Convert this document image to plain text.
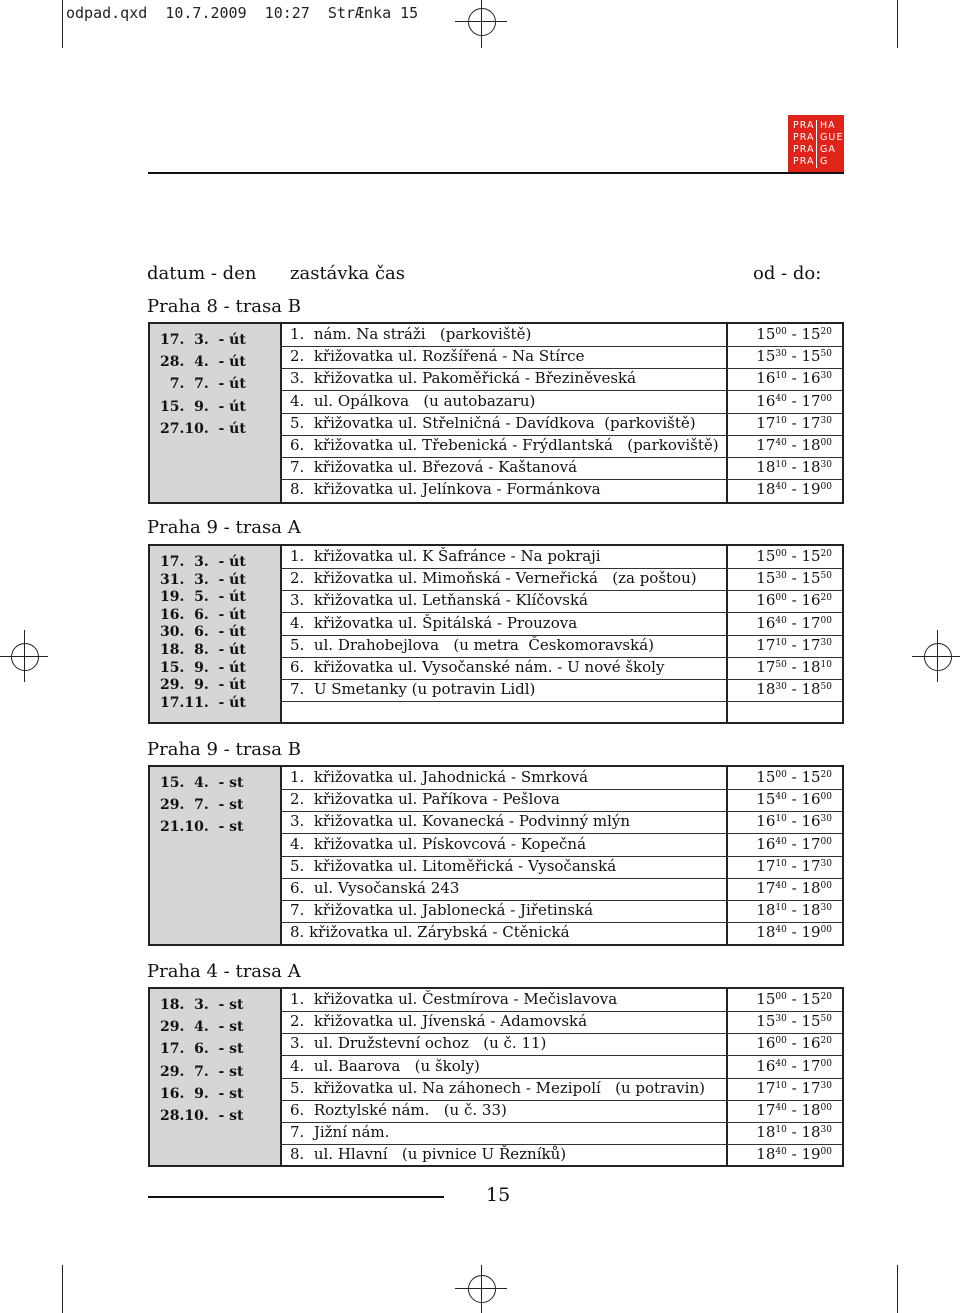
odpad.qxd  10.7.2009  10:27  StrÆnka 15
PRA
PRA
PRA
PRA
HA
GUE
GA
G
datum - den zastávka čas	od - do:
Praha 8 - trasa B
17.  3.  - út
28.  4.  - út
7.  7.  - út
15.  9.  - út
27.10.  - út
1.  nám. Na stráži   (parkoviště)	$15^{00} - 15^{20}$
2.  křižovatka ul. Rozšířená - Na Stírce	$15^{30} - 15^{50}$
3.  křižovatka ul. Pakoměřická - Březiněveská	$16^{10} - 16^{30}$
4.  ul. Opálkova   (u autobazaru)	$16^{40} - 17^{00}$
5.  křižovatka ul. Střelničná - Davídkova  (parkoviště)	$17^{10} - 17^{30}$
6.  křižovatka ul. Třebenická - Frýdlantská   (parkoviště)	$17^{40} - 18^{00}$
7.  křižovatka ul. Březová - Kaštanová	$18^{10} - 18^{30}$
8.  křižovatka ul. Jelínkova - Formánkova	$18^{40} - 19^{00}$
Praha 9 - trasa A
17.  3.  - út
31.  3.  - út
19.  5.  - út
16.  6.  - út
30.  6.  - út
18.  8.  - út
15.  9.  - út
29.  9.  - út
17.11.  - út
1.  křižovatka ul. K Šafránce - Na pokraji	$15^{00} - 15^{20}$
2.  křižovatka ul. Mimoňská - Verneřická   (za poštou)	$15^{30} - 15^{50}$
3.  křižovatka ul. Letňanská - Klíčovská	$16^{00} - 16^{20}$
4.  křižovatka ul. Špitálská - Prouzova	$16^{40} - 17^{00}$
5.  ul. Drahobejlova   (u metra  Českomoravská)	$17^{10} - 17^{30}$
6.  křižovatka ul. Vysočanské nám. - U nové školy	$17^{50} - 18^{10}$
7.  U Smetanky (u potravin Lidl)	$18^{30} - 18^{50}$
Praha 9 - trasa B
15.  4.  - st
29.  7.  - st
21.10.  - st
1.  křižovatka ul. Jahodnická - Smrková	$15^{00} - 15^{20}$
2.  křižovatka ul. Paříkova - Pešlova	$15^{40} - 16^{00}$
3.  křižovatka ul. Kovanecká - Podvinný mlýn	$16^{10} - 16^{30}$
4.  křižovatka ul. Pískovcová - Kopečná	$16^{40} - 17^{00}$
5.  křižovatka ul. Litoměřická - Vysočanská	$17^{10} - 17^{30}$
6.  ul. Vysočanská 243	$17^{40} - 18^{00}$
7.  křižovatka ul. Jablonecká - Jiřetinská	$18^{10} - 18^{30}$
8. křižovatka ul. Zárybská - Ctěnická	$18^{40} - 19^{00}$
Praha 4 - trasa A
18.  3.  - st
29.  4.  - st
17.  6.  - st
29.  7.  - st
16.  9.  - st
28.10.  - st
1.  křižovatka ul. Čestmírova - Mečislavova	$15^{00} - 15^{20}$
2.  křižovatka ul. Jívenská - Adamovská	$15^{30} - 15^{50}$
3.  ul. Družstevní ochoz   (u č. 11)	$16^{00} - 16^{20}$
4.  ul. Baarova   (u školy)	$16^{40} - 17^{00}$
5.  křižovatka ul. Na záhonech - Mezipolí   (u potravin)	$17^{10} - 17^{30}$
6.  Roztylské nám.   (u č. 33)	$17^{40} - 18^{00}$
7.  Jižní nám.	$18^{10} - 18^{30}$
8.  ul. Hlavní   (u pivnice U Řezníků)	$18^{40} - 19^{00}$
15
